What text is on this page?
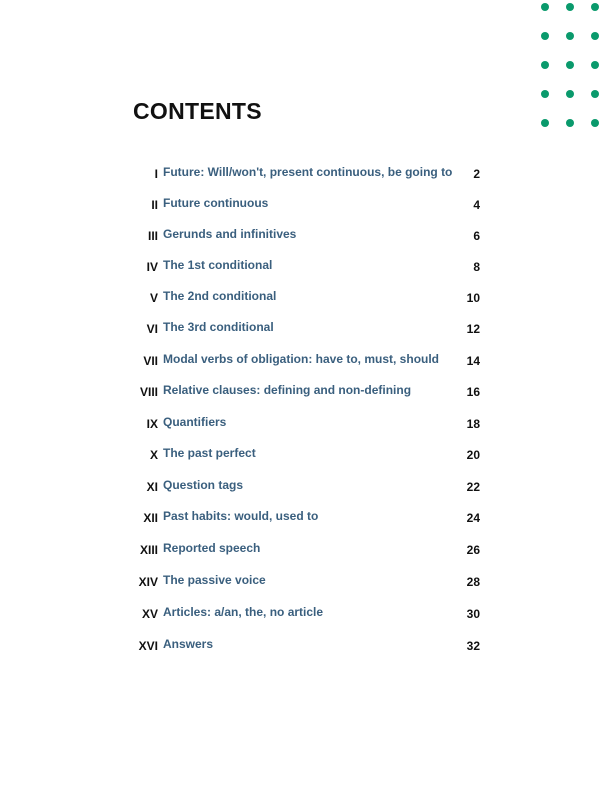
CONTENTS
I Future: Will/won't, present continuous, be going to 2
II Future continuous	4
III Gerunds and infinitives	6
IV The 1st conditional	8
V The 2nd conditional	10
VI The 3rd conditional	12
VII Modal verbs of obligation: have to, must, should 14
VIII Relative clauses: defining and non-defining	16
IX Quantifiers	18
X The past perfect	20
XI Question tags	22
XII Past habits: would, used to	24
XIII Reported speech	26
XIV The passive voice	28
XV Articles: a/an, the, no article	30
XVI Answers	32
